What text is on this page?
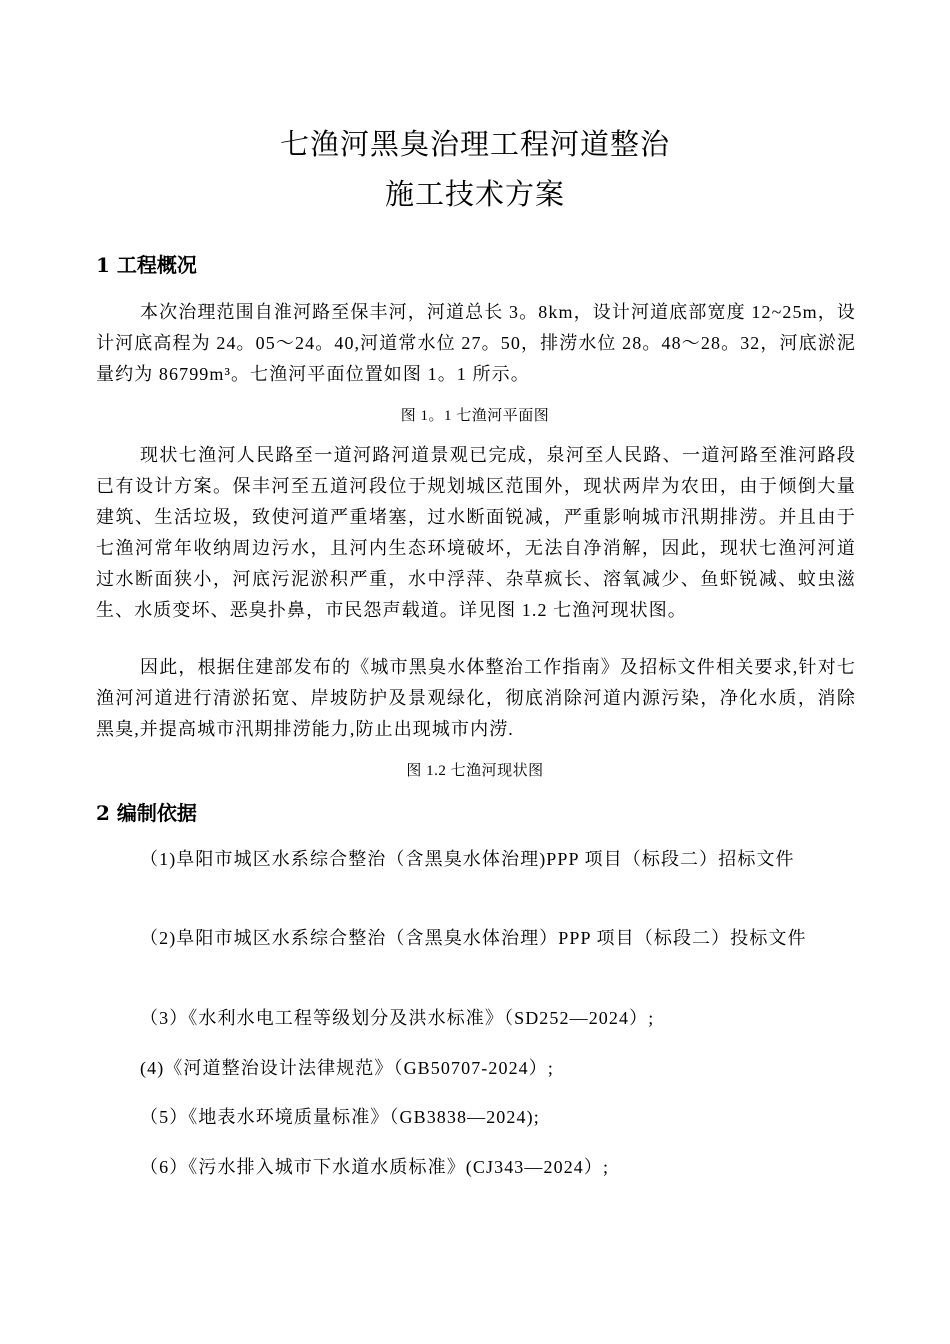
七渔河黑臭治理工程河道整治
施工技术方案
1 工程概况

本次治理范围自淮河路至保丰河，河道总长 3。8km，设计河道底部宽度 12~25m，设计河底高程为 24。05～24。40,河道常水位 27。50，排涝水位 28。48～28。32，河底淤泥量约为 86799m³。七渔河平面位置如图 1。1 所示。

图 1。1 七渔河平面图

现状七渔河人民路至一道河路河道景观已完成，泉河至人民路、一道河路至淮河路段已有设计方案。保丰河至五道河段位于规划城区范围外，现状两岸为农田，由于倾倒大量建筑、生活垃圾，致使河道严重堵塞，过水断面锐减，严重影响城市汛期排涝。并且由于七渔河常年收纳周边污水，且河内生态环境破坏，无法自净消解，因此，现状七渔河河道过水断面狭小，河底污泥淤积严重，水中浮萍、杂草疯长、溶氧减少、鱼虾锐减、蚊虫滋生、水质变坏、恶臭扑鼻，市民怨声载道。详见图 1.2 七渔河现状图。

因此，根据住建部发布的《城市黑臭水体整治工作指南》及招标文件相关要求,针对七渔河河道进行清淤拓宽、岸坡防护及景观绿化，彻底消除河道内源污染，净化水质，消除黑臭,并提高城市汛期排涝能力,防止出现城市内涝.

图 1.2 七渔河现状图

2 编制依据

（1)阜阳市城区水系综合整治（含黑臭水体治理)PPP 项目（标段二）招标文件

（2)阜阳市城区水系综合整治（含黑臭水体治理）PPP 项目（标段二）投标文件

（3）《水利水电工程等级划分及洪水标准》（SD252—2024）;

(4)《河道整治设计法律规范》（GB50707-2024）;

（5）《地表水环境质量标准》（GB3838—2024);

（6）《污水排入城市下水道水质标准》(CJ343—2024）;
